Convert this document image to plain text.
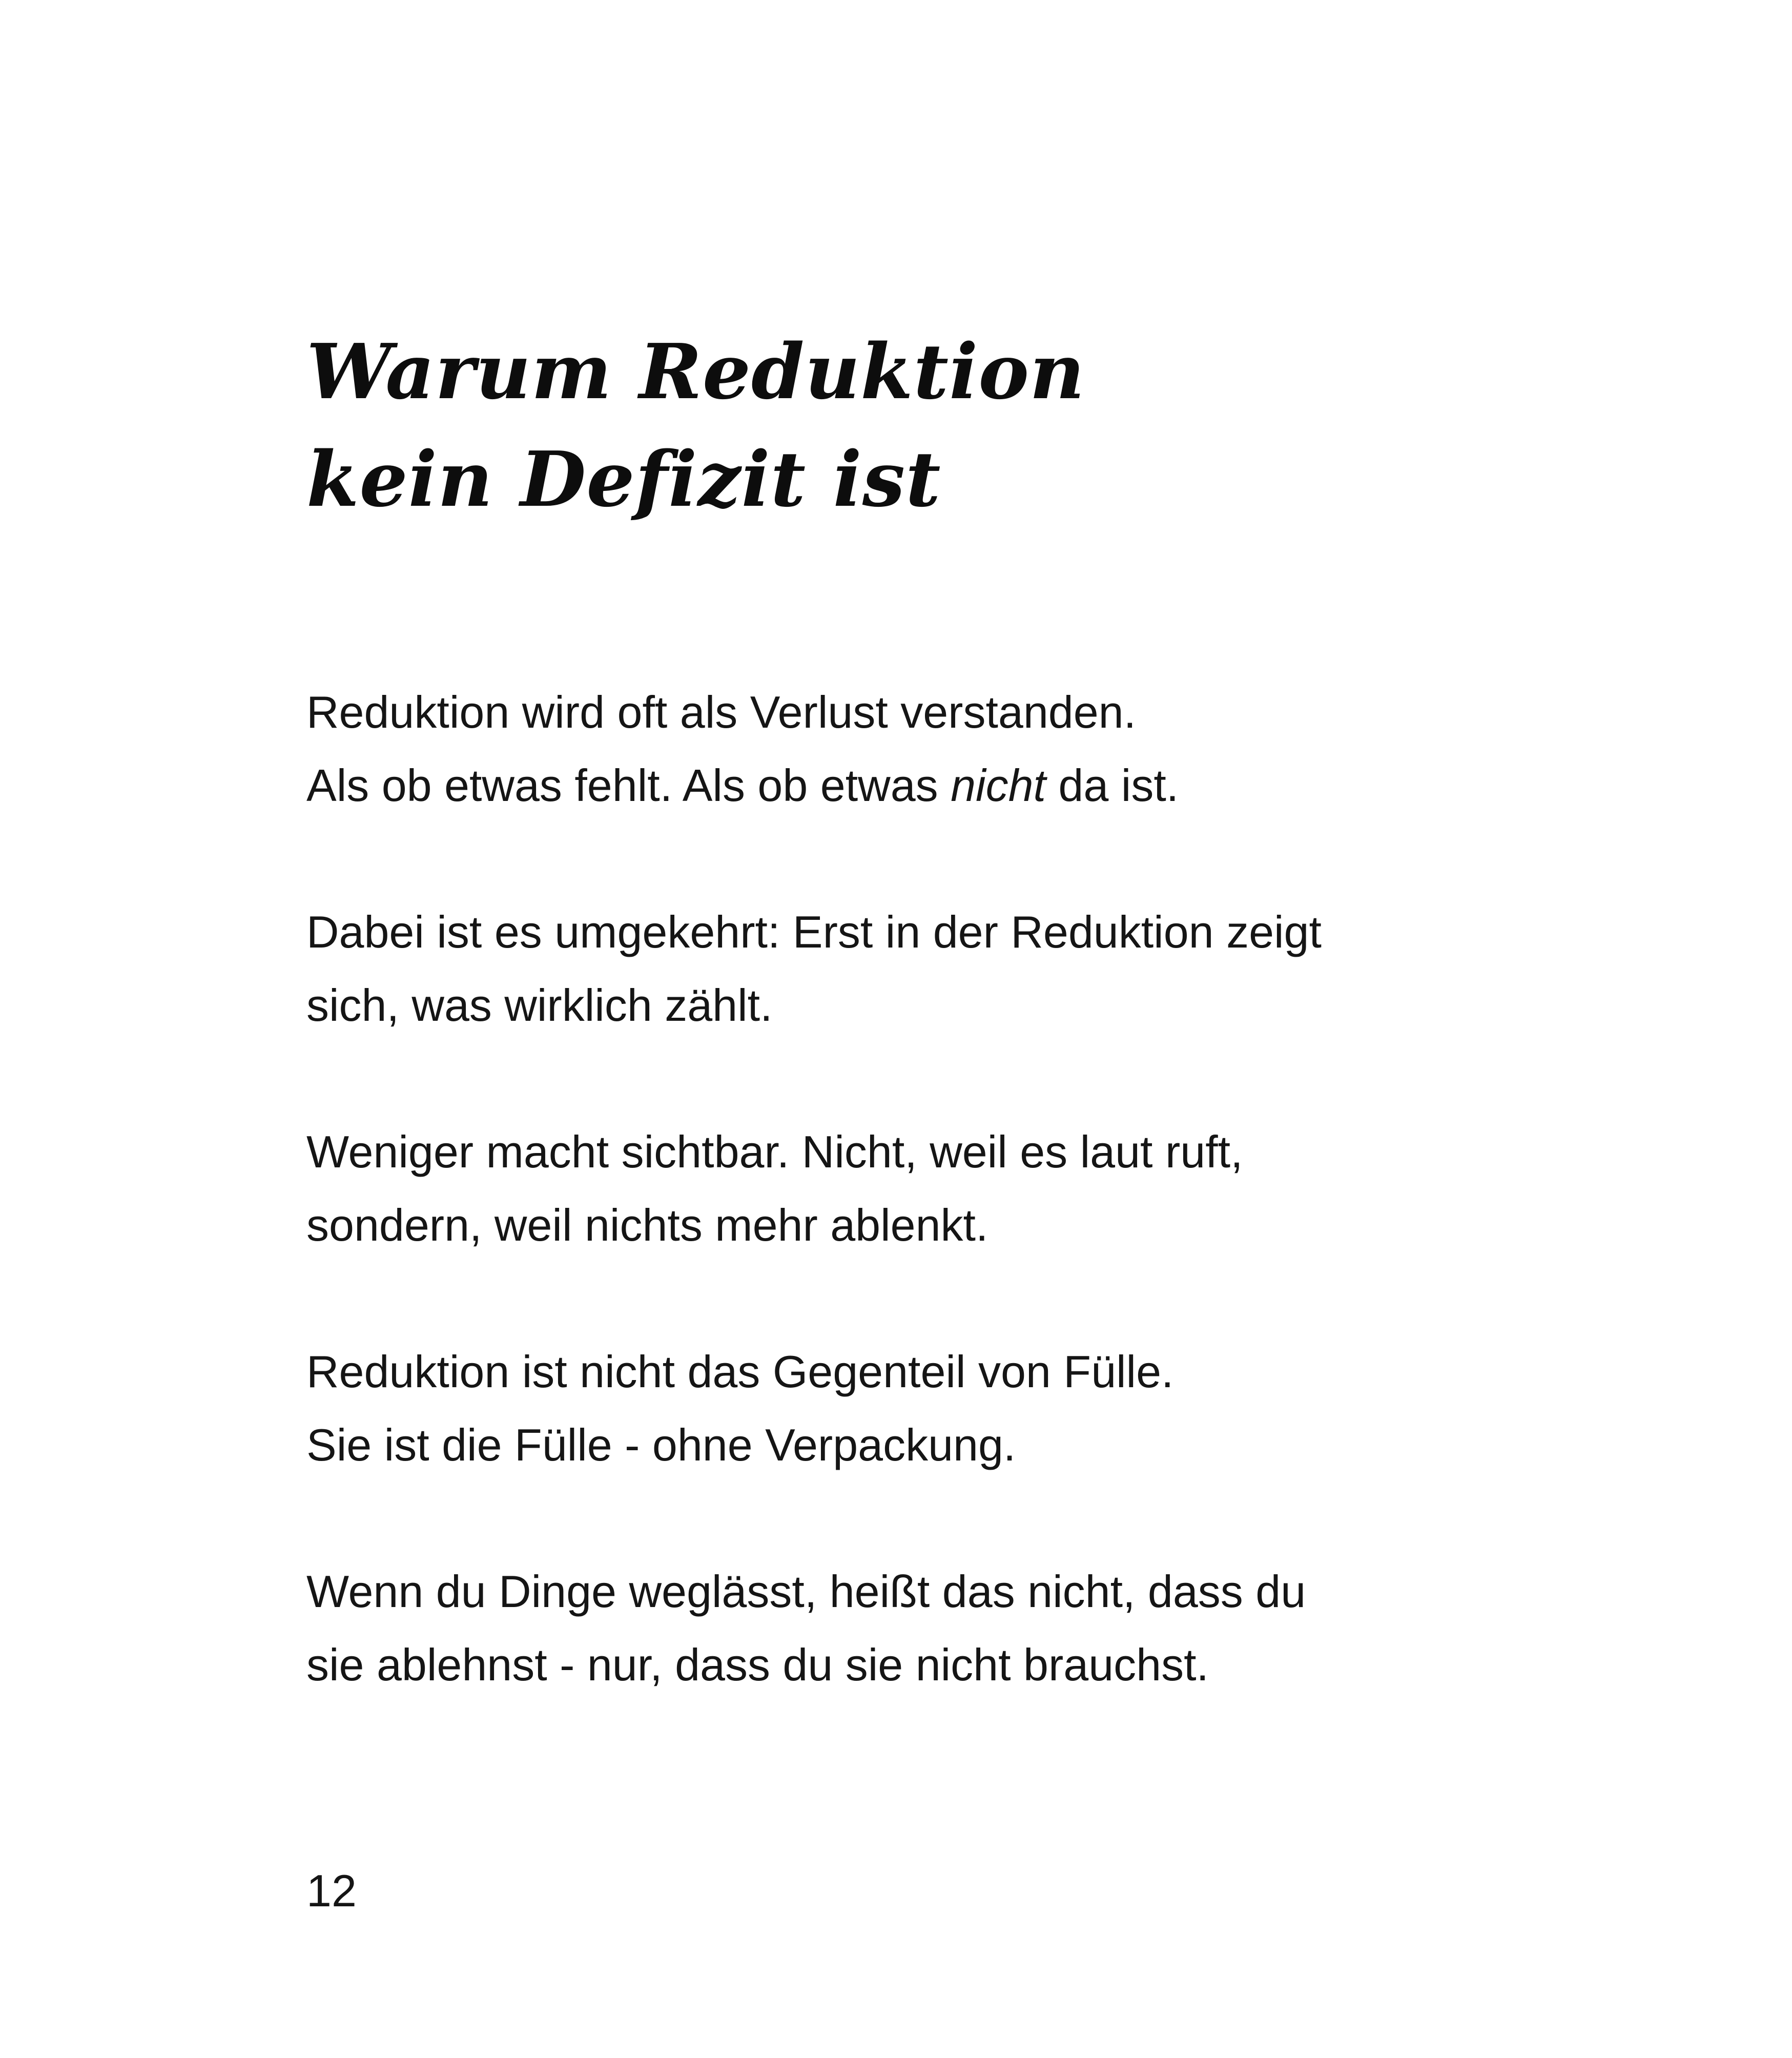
Warum Reduktion
kein Defizit ist

Reduktion wird oft als Verlust verstanden.
Als ob etwas fehlt. Als ob etwas nicht da ist.

Dabei ist es umgekehrt: Erst in der Reduktion zeigt
sich, was wirklich zählt.

Weniger macht sichtbar. Nicht, weil es laut ruft,
sondern, weil nichts mehr ablenkt.

Reduktion ist nicht das Gegenteil von Fülle.
Sie ist die Fülle - ohne Verpackung.

Wenn du Dinge weglässt, heißt das nicht, dass du
sie ablehnst - nur, dass du sie nicht brauchst.

12
